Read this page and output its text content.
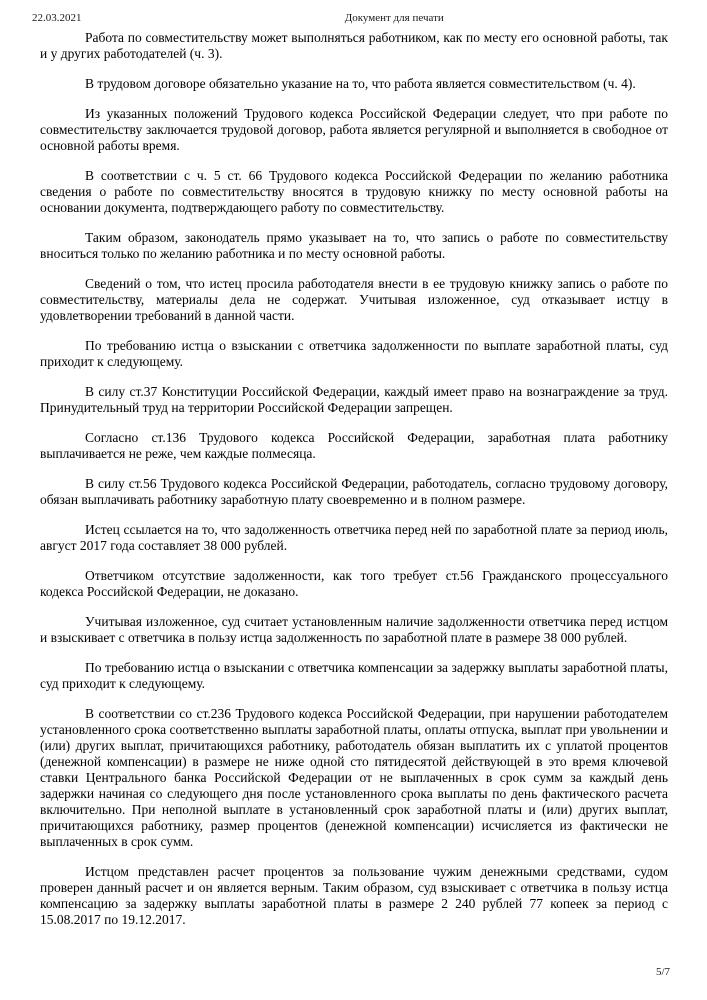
22.03.2021	Документ для печати

Работа по совместительству может выполняться работником, как по месту его основной работы, так и у других работодателей (ч. 3).

В трудовом договоре обязательно указание на то, что работа является совместительством (ч. 4).

Из указанных положений Трудового кодекса Российской Федерации следует, что при работе по совместительству заключается трудовой договор, работа является регулярной и выполняется в свободное от основной работы время.

В соответствии с ч. 5 ст. 66 Трудового кодекса Российской Федерации по желанию работника сведения о работе по совместительству вносятся в трудовую книжку по месту основной работы на основании документа, подтверждающего работу по совместительству.

Таким образом, законодатель прямо указывает на то, что запись о работе по совместительству вноситься только по желанию работника и по месту основной работы.

Сведений о том, что истец просила работодателя внести в ее трудовую книжку запись о работе по совместительству, материалы дела не содержат. Учитывая изложенное, суд отказывает истцу в удовлетворении требований в данной части.

По требованию истца о взыскании с ответчика задолженности по выплате заработной платы, суд приходит к следующему.

В силу ст.37 Конституции Российской Федерации, каждый имеет право на вознаграждение за труд. Принудительный труд на территории Российской Федерации запрещен.

Согласно ст.136 Трудового кодекса Российской Федерации, заработная плата работнику выплачивается не реже, чем каждые полмесяца.

В силу ст.56 Трудового кодекса Российской Федерации, работодатель, согласно трудовому договору, обязан выплачивать работнику заработную плату своевременно и в полном размере.

Истец ссылается на то, что задолженность ответчика перед ней по заработной плате за период июль, август 2017 года составляет 38 000 рублей.

Ответчиком отсутствие задолженности, как того требует ст.56 Гражданского процессуального кодекса Российской Федерации, не доказано.

Учитывая изложенное, суд считает установленным наличие задолженности ответчика перед истцом и взыскивает с ответчика в пользу истца задолженность по заработной плате в размере 38 000 рублей.

По требованию истца о взыскании с ответчика компенсации за задержку выплаты заработной платы, суд приходит к следующему.

В соответствии со ст.236 Трудового кодекса Российской Федерации, при нарушении работодателем установленного срока соответственно выплаты заработной платы, оплаты отпуска, выплат при увольнении и (или) других выплат, причитающихся работнику, работодатель обязан выплатить их с уплатой процентов (денежной компенсации) в размере не ниже одной сто пятидесятой действующей в это время ключевой ставки Центрального банка Российской Федерации от не выплаченных в срок сумм за каждый день задержки начиная со следующего дня после установленного срока выплаты по день фактического расчета включительно. При неполной выплате в установленный срок заработной платы и (или) других выплат, причитающихся работнику, размер процентов (денежной компенсации) исчисляется из фактически не выплаченных в срок сумм.

Истцом представлен расчет процентов за пользование чужим денежными средствами, судом проверен данный расчет и он является верным. Таким образом, суд взыскивает с ответчика в пользу истца компенсацию за задержку выплаты заработной платы в размере 2 240 рублей 77 копеек за период с 15.08.2017 по 19.12.2017.

5/7
